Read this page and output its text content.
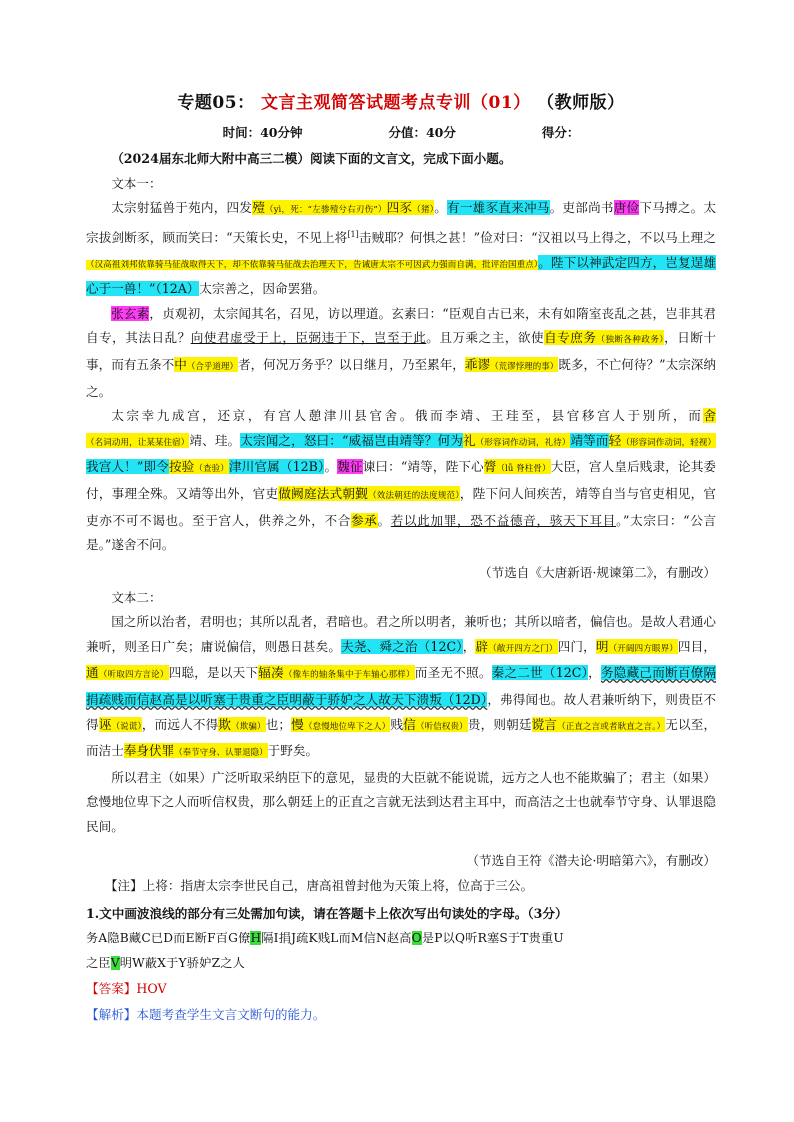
专题05： 文言主观简答试题考点专训（01） （教师版）
时间：40分钟	分值：40分	得分：

（2024届东北师大附中高三二模）阅读下面的文言文，完成下面小题。

文本一：

太宗射猛兽于苑内，四发殪（yì，死：“左骖殪兮右刃伤”）四豕（猪）。有一雄豕直来冲马。吏部尚书唐俭下马搏之。太宗拔剑断豕，顾而笑曰：“天策长史，不见上将[1]击贼耶？何惧之甚！”俭对曰：“汉祖以马上得之，不以马上理之（汉高祖刘邦依靠骑马征战取得天下，却不依靠骑马征战去治理天下，告诫唐太宗不可因武力强而自满，批评治国重点）。陛下以神武定四方，岂复逞雄心于一兽！”（12A）太宗善之，因命罢猎。

张玄素，贞观初，太宗闻其名，召见，访以理道。玄素曰：“臣观自古已来，未有如隋室丧乱之甚，岂非其君自专，其法日乱？向使君虚受于上，臣弼违于下，岂至于此。且万乘之主，欲使自专庶务（独断各种政务），日断十事，而有五条不中（合乎道理）者，何况万务乎？以日继月，乃至累年，乖谬（荒谬悖理的事）既多，不亡何待？”太宗深纳之。

太宗幸九成宫，还京，有宫人憩津川县官舍。俄而李靖、王珪至，县官移宫人于别所，而舍（名词动用，让某某住宿）靖、珪。太宗闻之，怒曰：“威福岂由靖等？何为礼（形容词作动词，礼待）靖等而轻（形容词作动词，轻视）我宫人！”即令按验（查验）津川官属（12B）。魏征谏曰：“靖等，陛下心膂（lǚ 脊柱骨）大臣，宫人皇后贱隶，论其委付，事理全殊。又靖等出外，官吏做阙庭法式朝觐（效法朝廷的法度规范），陛下问人间疾苦，靖等自当与官吏相见，官吏亦不可不谒也。至于宫人，供养之外，不合参承。若以此加罪，恐不益德音，骇天下耳目。”太宗曰：“公言是。”遂舍不问。

（节选自《大唐新语·规谏第二》，有删改）

文本二：

国之所以治者，君明也；其所以乱者，君暗也。君之所以明者，兼听也；其所以暗者，偏信也。是故人君通心兼听，则圣日广矣；庸说偏信，则愚日甚矣。夫尧、舜之治（12C），辟（敞开四方之门）四门，明（开阔四方眼界）四目，通（听取四方言论）四聪，是以天下辐凑（像车的轴条集中于车轴心那样）而圣无不照。秦之二世（12C），务隐藏己而断百僚隔捐疏贱而信赵高是以听塞于贵重之臣明蔽于骄妒之人故天下溃叛（12D），弗得闻也。故人君兼听纳下，则贵臣不得诬（说谎），而远人不得欺（欺骗）也；慢（怠慢地位卑下之人）贱信（听信权贵）贵，则朝廷谠言（正直之言或者耿直之言。）无以至，而洁士奉身伏罪（奉节守身、认罪退隐）于野矣。

所以君主（如果）广泛听取采纳臣下的意见，显贵的大臣就不能说谎，远方之人也不能欺骗了；君主（如果）怠慢地位卑下之人而听信权贵，那么朝廷上的正直之言就无法到达君主耳中，而高洁之士也就奉节守身、认罪退隐民间。

（节选自王符《潜夫论·明暗第六》，有删改）

【注】上将：指唐太宗李世民自己，唐高祖曾封他为天策上将，位高于三公。

1.文中画波浪线的部分有三处需加句读，请在答题卡上依次写出句读处的字母。（3分）

务A隐B藏C已D而E断F百G僚H隔I捐J疏K贱L而M信N赵高O是P以Q听R塞S于T贵重U

之臣V明W蔽X于Y骄妒Z之人

【答案】HOV

【解析】本题考查学生文言文断句的能力。
